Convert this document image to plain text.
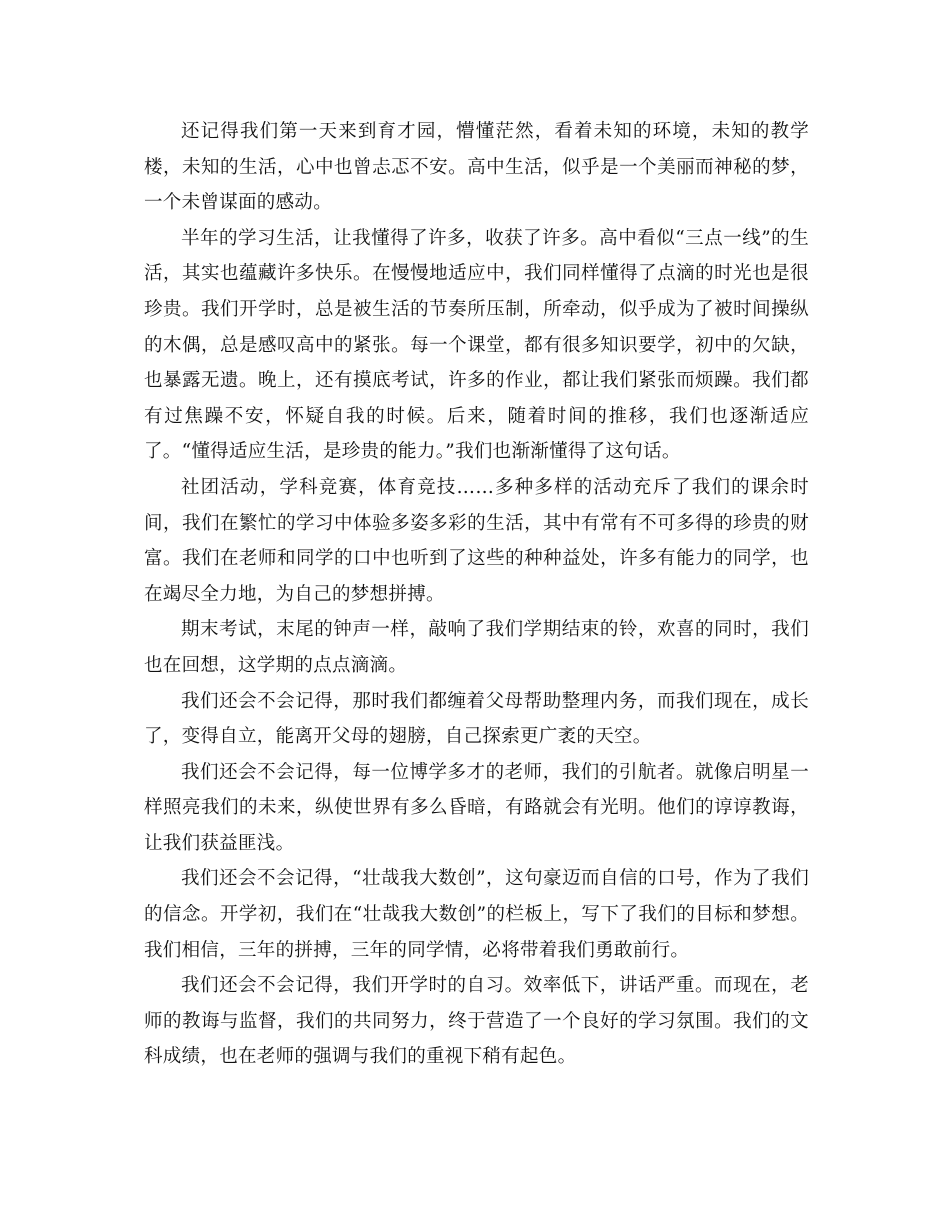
还记得我们第一天来到育才园，懵懂茫然，看着未知的环境，未知的教学楼，未知的生活，心中也曾忐忑不安。高中生活，似乎是一个美丽而神秘的梦，一个未曾谋面的感动。

半年的学习生活，让我懂得了许多，收获了许多。高中看似“三点一线”的生活，其实也蕴藏许多快乐。在慢慢地适应中，我们同样懂得了点滴的时光也是很珍贵。我们开学时，总是被生活的节奏所压制，所牵动，似乎成为了被时间操纵的木偶，总是感叹高中的紧张。每一个课堂，都有很多知识要学，初中的欠缺，也暴露无遗。晚上，还有摸底考试，许多的作业，都让我们紧张而烦躁。我们都有过焦躁不安，怀疑自我的时候。后来，随着时间的推移，我们也逐渐适应了。“懂得适应生活，是珍贵的能力。”我们也渐渐懂得了这句话。

社团活动，学科竞赛，体育竞技……多种多样的活动充斥了我们的课余时间，我们在繁忙的学习中体验多姿多彩的生活，其中有常有不可多得的珍贵的财富。我们在老师和同学的口中也听到了这些的种种益处，许多有能力的同学，也在竭尽全力地，为自己的梦想拼搏。

期末考试，末尾的钟声一样，敲响了我们学期结束的铃，欢喜的同时，我们也在回想，这学期的点点滴滴。

我们还会不会记得，那时我们都缠着父母帮助整理内务，而我们现在，成长了，变得自立，能离开父母的翅膀，自己探索更广袤的天空。

我们还会不会记得，每一位博学多才的老师，我们的引航者。就像启明星一样照亮我们的未来，纵使世界有多么昏暗，有路就会有光明。他们的谆谆教诲，让我们获益匪浅。

我们还会不会记得，“壮哉我大数创”，这句豪迈而自信的口号，作为了我们的信念。开学初，我们在“壮哉我大数创”的栏板上，写下了我们的目标和梦想。我们相信，三年的拼搏，三年的同学情，必将带着我们勇敢前行。

我们还会不会记得，我们开学时的自习。效率低下，讲话严重。而现在，老师的教诲与监督，我们的共同努力，终于营造了一个良好的学习氛围。我们的文科成绩，也在老师的强调与我们的重视下稍有起色。
